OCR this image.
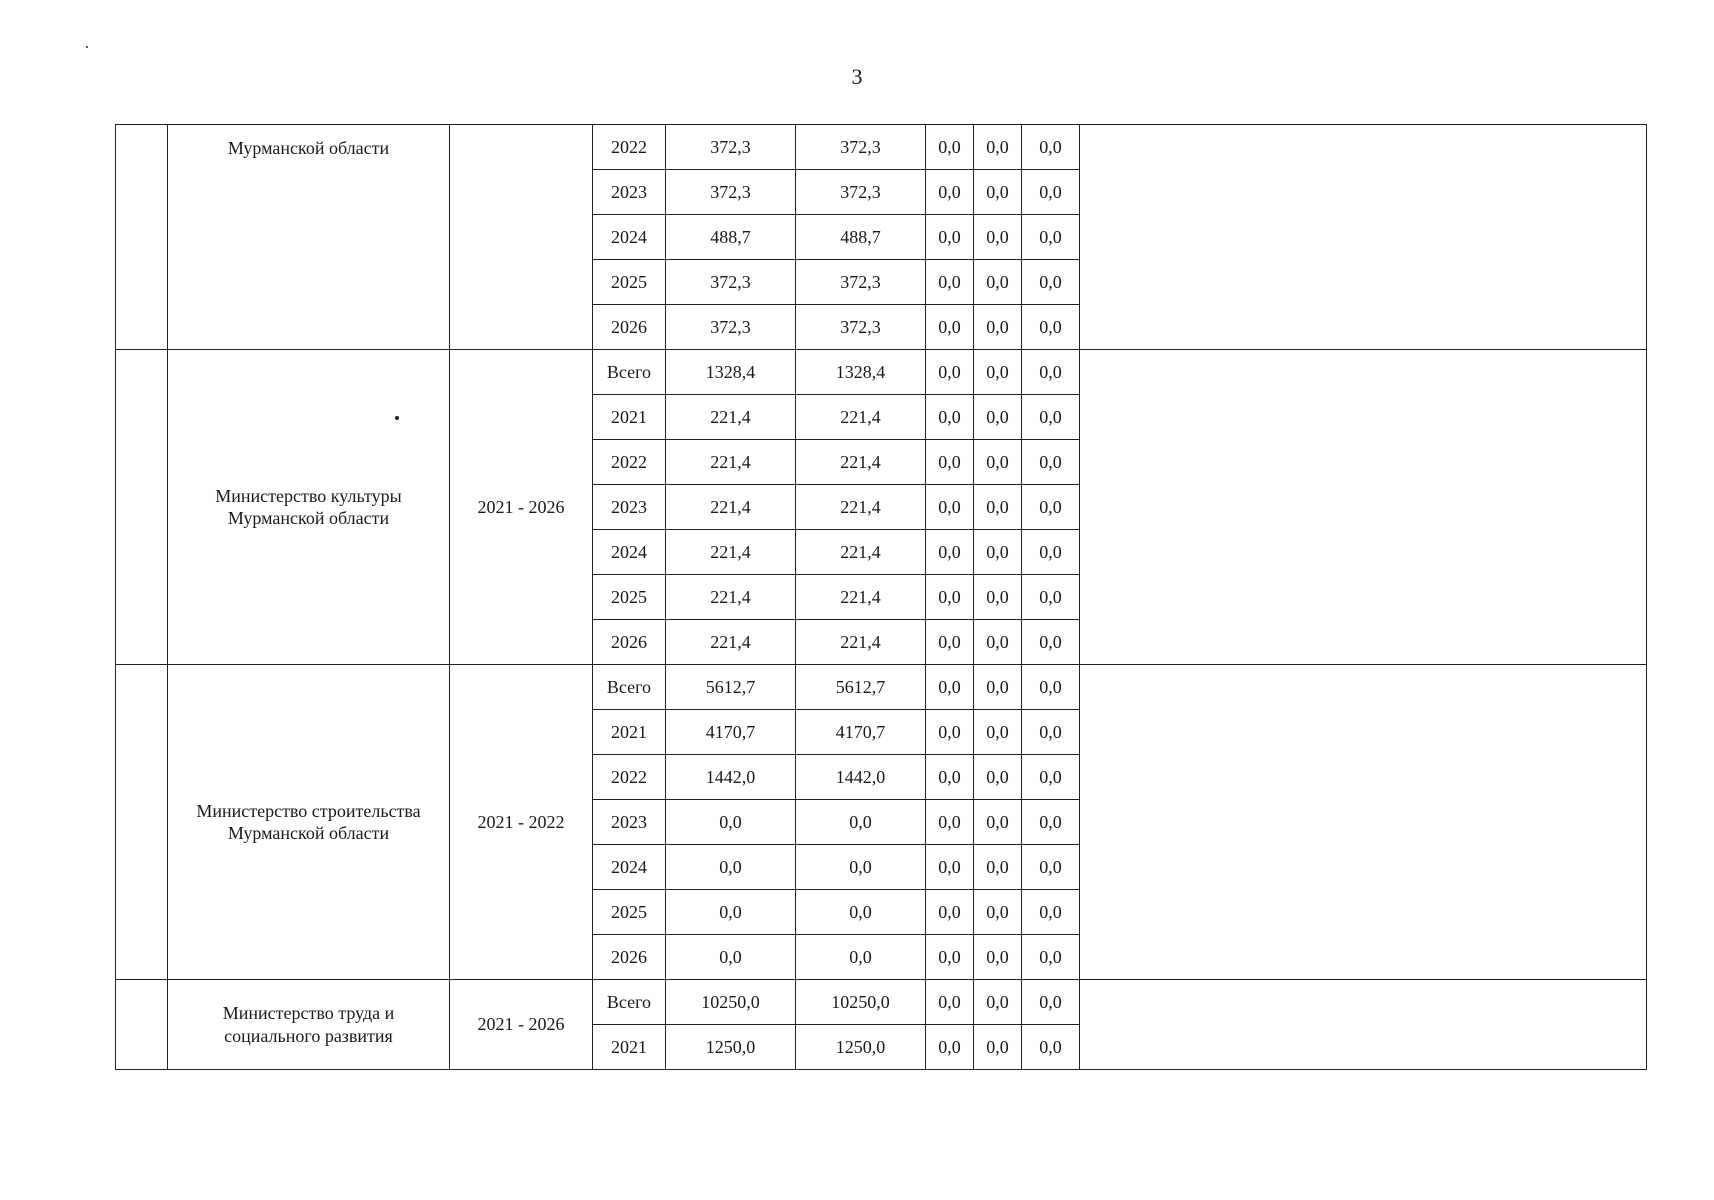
3

	Мурманской области		2022	372,3	372,3	0,0	0,0	0,0	
			2023	372,3	372,3	0,0	0,0	0,0	
			2024	488,7	488,7	0,0	0,0	0,0	
			2025	372,3	372,3	0,0	0,0	0,0	
			2026	372,3	372,3	0,0	0,0	0,0	

	Министерство культуры
Мурманской области	2021 - 2026	Всего	1328,4	1328,4	0,0	0,0	0,0	
			2021	221,4	221,4	0,0	0,0	0,0	
			2022	221,4	221,4	0,0	0,0	0,0	
			2023	221,4	221,4	0,0	0,0	0,0	
			2024	221,4	221,4	0,0	0,0	0,0	
			2025	221,4	221,4	0,0	0,0	0,0	
			2026	221,4	221,4	0,0	0,0	0,0	

	Министерство строительства
Мурманской области	2021 - 2022	Всего	5612,7	5612,7	0,0	0,0	0,0	
			2021	4170,7	4170,7	0,0	0,0	0,0	
			2022	1442,0	1442,0	0,0	0,0	0,0	
			2023	0,0	0,0	0,0	0,0	0,0	
			2024	0,0	0,0	0,0	0,0	0,0	
			2025	0,0	0,0	0,0	0,0	0,0	
			2026	0,0	0,0	0,0	0,0	0,0	

	Министерство труда и
социального развития	2021 - 2026	Всего	10250,0	10250,0	0,0	0,0	0,0	
			2021	1250,0	1250,0	0,0	0,0	0,0	
